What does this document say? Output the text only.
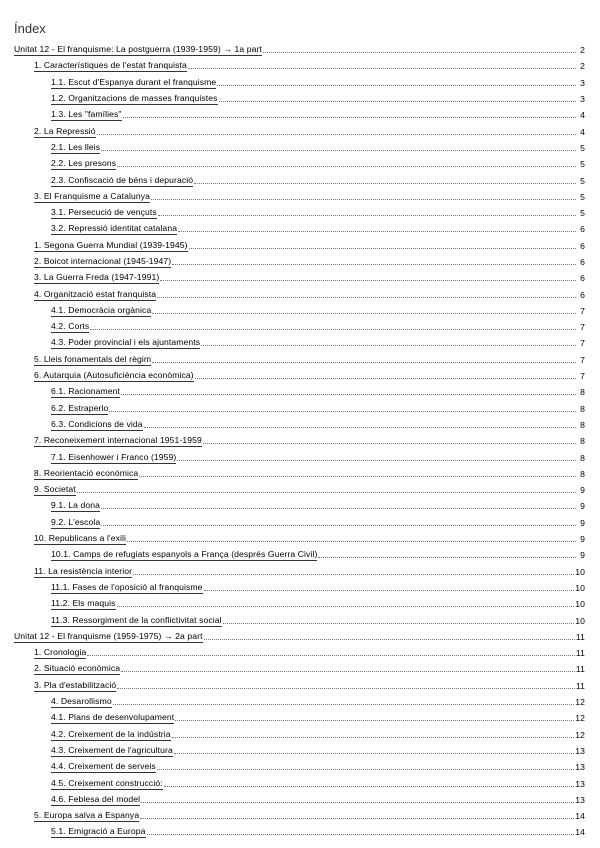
Índex
Unitat 12 - El franquisme: La postguerra (1939-1959) → 1a part	2
1. Característiques de l'estat franquista	2
1.1. Escut d'Espanya durant el franquisme	3
1.2. Organitzacions de masses franquistes	3
1.3. Les "famílies"	4
2. La Repressió	4
2.1. Les lleis	5
2.2. Les presons	5
2.3. Confiscació de béns i depuració	5
3. El Franquisme a Catalunya	5
3.1. Persecució de vençuts	5
3.2. Repressió identitat catalana	6
1. Segona Guerra Mundial (1939-1945)	6
2. Boicot internacional (1945-1947)	6
3. La Guerra Freda (1947-1991)	6
4. Organització estat franquista	6
4.1. Democràcia orgànica	7
4.2. Corts	7
4.3. Poder provincial i els ajuntaments	7
5. Lleis fonamentals del règim	7
6. Autarquia (Autosuficiència econòmica)	7
6.1. Racionament	8
6.2. Estraperlo	8
6.3. Condicions de vida	8
7. Reconeixement internacional 1951-1959	8
7.1. Eisenhower i Franco (1959)	8
8. Reorientació econòmica	8
9. Societat	9
9.1. La dona	9
9.2. L'escola	9
10. Republicans a l'exili	9
10.1. Camps de refugiats espanyols a França (després Guerra Civil)	9
11. La resistència interior	10
11.1. Fases de l'oposició al franquisme	10
11.2. Els maquis	10
11.3. Ressorgiment de la conflictivitat social	10
Unitat 12 - El franquisme (1959-1975) → 2a part	11
1. Cronologia	11
2. Situació econòmica	11
3. Pla d'estabilització	11
4. Desarollismo	12
4.1. Plans de desenvolupament	12
4.2. Creixement de la indústria	12
4.3. Creixement de l'agricultura	13
4.4. Creixement de serveis	13
4.5. Creixement construcció:	13
4.6. Feblesa del model	13
5. Europa salva a Espanya	14
5.1. Emigració a Europa	14
